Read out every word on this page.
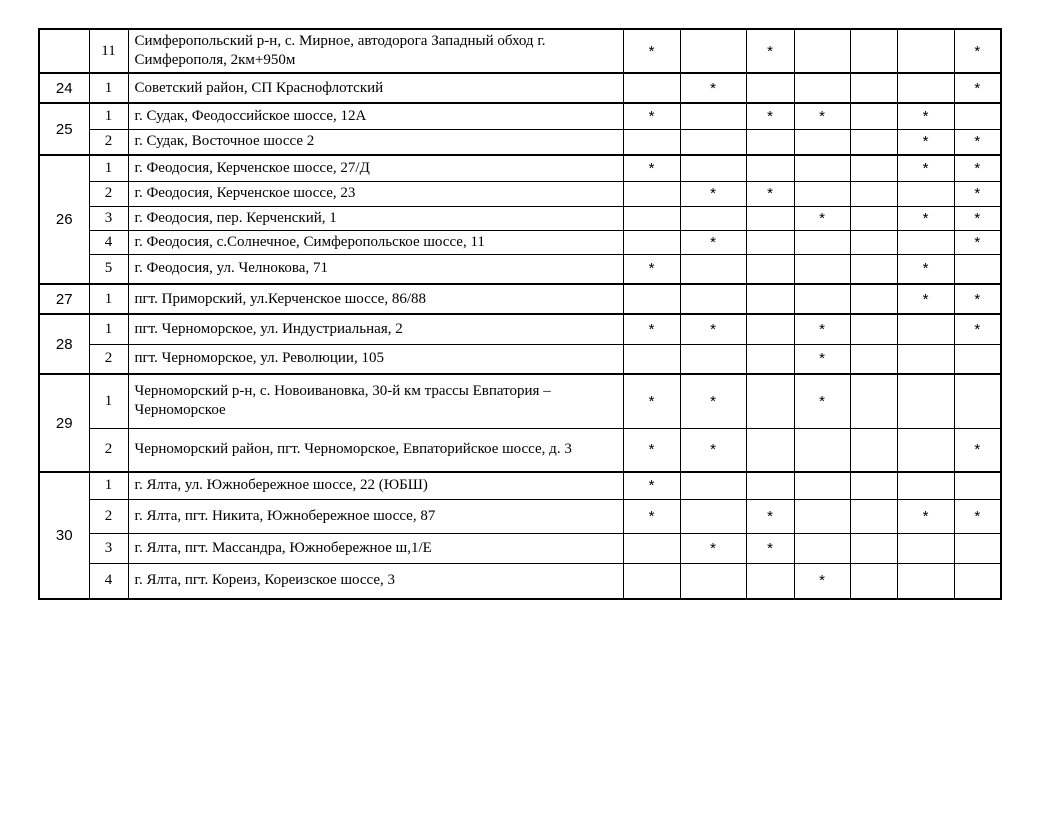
	11	Симферопольский р-н, с. Мирное, автодорога Западный обход г. Симферополя, 2км+950м	*		*				*
24	1	Советский район, СП Краснофлотский		*					*
25	1	г. Судак, Феодоссийское шоссе, 12А	*		*	*		*	
	2	г. Судак, Восточное шоссе 2						*	*
26	1	г. Феодосия, Керченское шоссе, 27/Д	*					*	*
	2	г. Феодосия, Керченское шоссе, 23		*	*				*
	3	г. Феодосия, пер. Керченский, 1				*		*	*
	4	г. Феодосия, с.Солнечное, Симферопольское шоссе, 11		*					*
	5	г. Феодосия, ул. Челнокова, 71	*					*	
27	1	пгт. Приморский, ул.Керченское шоссе, 86/88						*	*
28	1	пгт. Черноморское, ул. Индустриальная, 2	*	*		*			*
	2	пгт. Черноморское, ул. Революции, 105				*			
29	1	Черноморский р-н, с. Новоивановка, 30-й км трассы Евпатория – Черноморское	*	*		*			
	2	Черноморский район, пгт. Черноморское, Евпаторийское шоссе, д. 3	*	*					*
30	1	г. Ялта, ул. Южнобережное шоссе, 22 (ЮБШ)	*						
	2	г. Ялта, пгт. Никита, Южнобережное шоссе, 87	*		*			*	*
	3	г. Ялта, пгт. Массандра, Южнобережное ш,1/Е		*	*				
	4	г. Ялта, пгт. Кореиз, Кореизское шоссе, 3				*			
